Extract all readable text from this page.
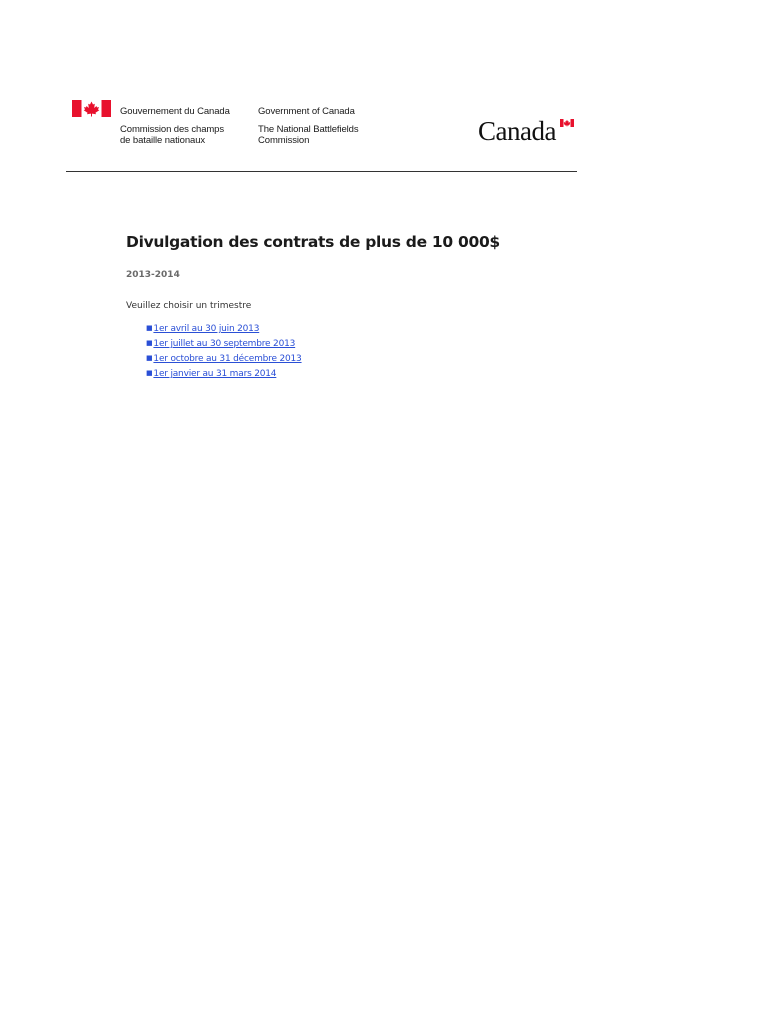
Gouvernement du Canada
Commission des champs
de bataille nationaux
Government of Canada
The National Battlefields
Commission	Canada
Divulgation des contrats de plus de 10 000$
2013-2014
Veuillez choisir un trimestre
■1er avril au 30 juin 2013
■1er juillet au 30 septembre 2013
■1er octobre au 31 décembre 2013
■1er janvier au 31 mars 2014
